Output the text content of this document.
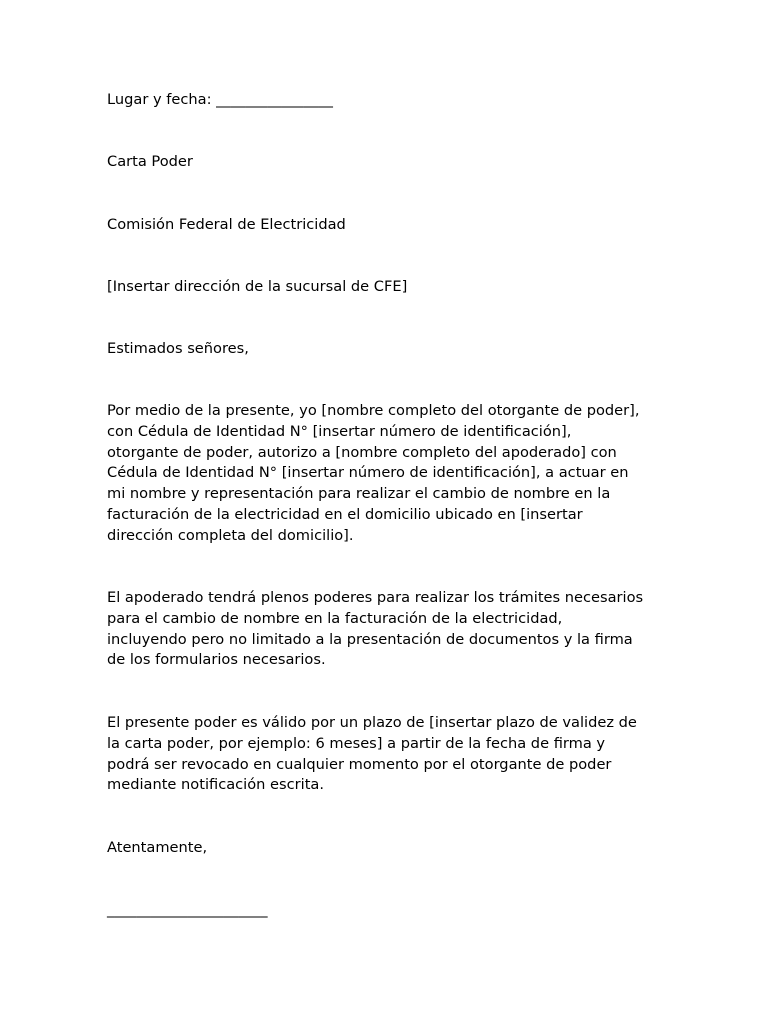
Lugar y fecha: ________________

Carta Poder

Comisión Federal de Electricidad

[Insertar dirección de la sucursal de CFE]

Estimados señores,

Por medio de la presente, yo [nombre completo del otorgante de poder],
con Cédula de Identidad N° [insertar número de identificación],
otorgante de poder, autorizo a [nombre completo del apoderado] con
Cédula de Identidad N° [insertar número de identificación], a actuar en
mi nombre y representación para realizar el cambio de nombre en la
facturación de la electricidad en el domicilio ubicado en [insertar
dirección completa del domicilio].

El apoderado tendrá plenos poderes para realizar los trámites necesarios
para el cambio de nombre en la facturación de la electricidad,
incluyendo pero no limitado a la presentación de documentos y la firma
de los formularios necesarios.

El presente poder es válido por un plazo de [insertar plazo de validez de
la carta poder, por ejemplo: 6 meses] a partir de la fecha de firma y
podrá ser revocado en cualquier momento por el otorgante de poder
mediante notificación escrita.

Atentamente,

______________________
